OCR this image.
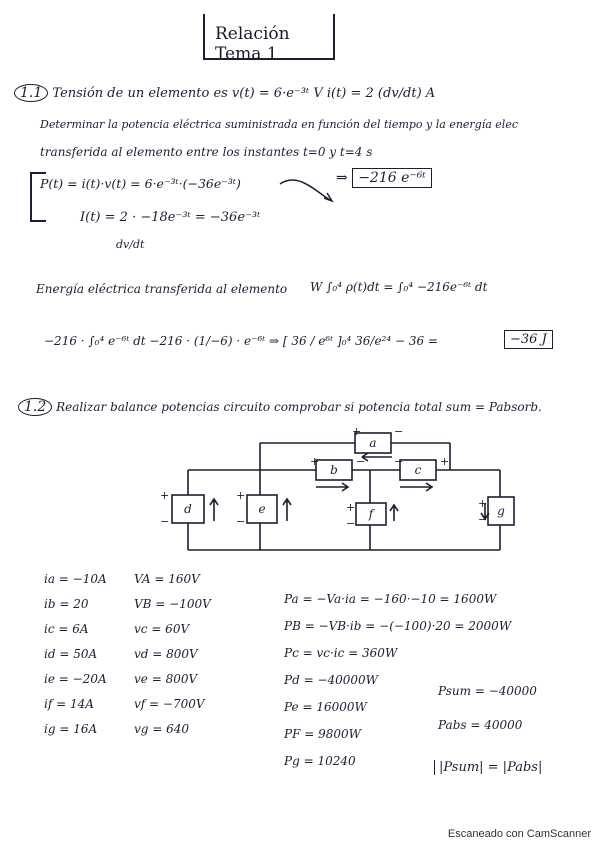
Relación Tema 1
1.1 Tensión de un elemento es v(t) = 6·e⁻³ᵗ V i(t) = 2 (dv/dt) A
Determinar la potencia eléctrica suministrada en función del tiempo y la energía elec
transferida al elemento entre los instantes t=0 y t=4 s
P(t) = i(t)·v(t) = 6·e⁻³ᵗ·(−36e⁻³ᵗ)	⇒ −216 e⁻⁶ᵗ
I(t) = 2 · −18e⁻³ᵗ = −36e⁻³ᵗ
dv/dt
Energía eléctrica transferida al elemento W ∫₀⁴ ρ(t)dt = ∫₀⁴ −216e⁻⁶ᵗ dt
−216 · ∫₀⁴ e⁻⁶ᵗ dt −216 · (1/−6) · e⁻⁶ᵗ ⇒ [ 36 / e⁶ᵗ ]₀⁴ 36/e²⁴ − 36 =	−36 J
1.2 Realizar balance potencias circuito comprobar si potencia total sum = Pabsorb.
a
b	c
d	e	f	g
+	−
+	−	−	+
+
−
+
−
+
−
+
−
ia = −10A
ib = 20
ic = 6A
id = 50A
ie = −20A
if = 14A
ig = 16A
VA = 160V
VB = −100V
vc = 60V
vd = 800V
ve = 800V
vf = −700V
vg = 640
Pa = −Va·ia = −160·−10 = 1600W
PB = −VB·ib = −(−100)·20 = 2000W
Pc = vc·ic = 360W
Pd = −40000W
Pe = 16000W
PF = 9800W
Pg = 10240
Psum = −40000
Pabs = 40000
|Psum| = |Pabs|
Escaneado con CamScanner
